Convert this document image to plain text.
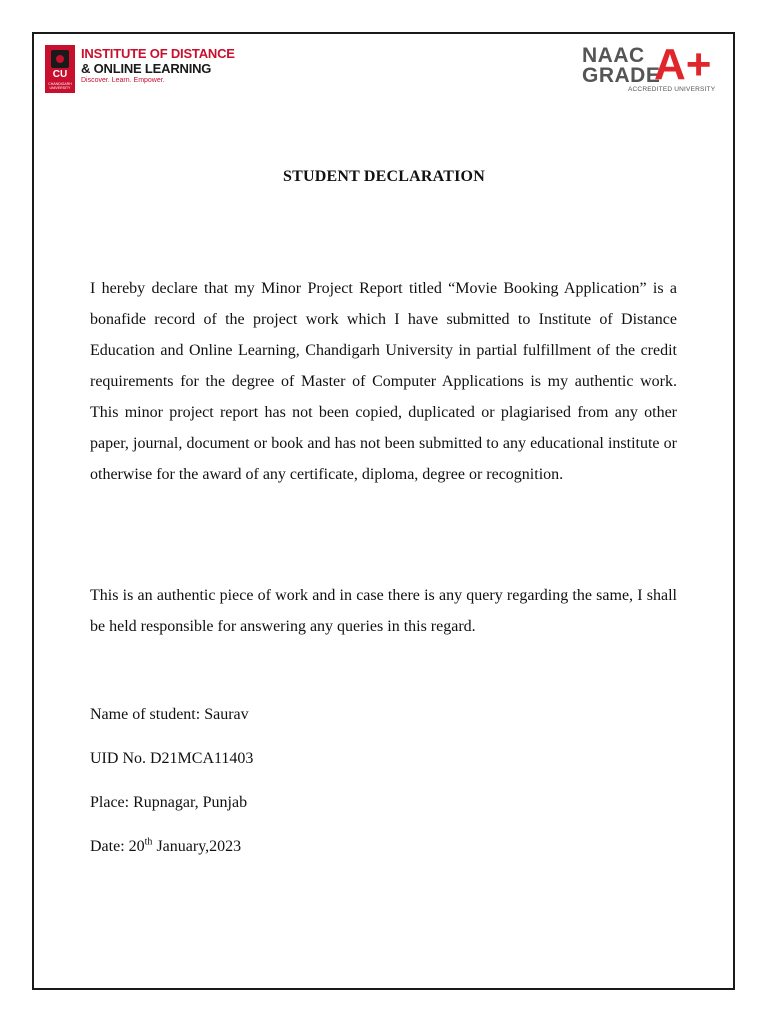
CU
CHANDIGARH UNIVERSITY
INSTITUTE OF DISTANCE
& ONLINE LEARNING
Discover. Learn. Empower.
NAAC
GRADE
A+
ACCREDITED UNIVERSITY
STUDENT DECLARATION

I hereby declare that my Minor Project Report titled “Movie Booking Application” is a bonafide record of the project work which I have submitted to Institute of Distance Education and Online Learning, Chandigarh University in partial fulfillment of the credit requirements for the degree of Master of Computer Applications is my authentic work. This minor project report has not been copied, duplicated or plagiarised from any other paper, journal, document or book and has not been submitted to any educational institute or otherwise for the award of any certificate, diploma, degree or recognition.

This is an authentic piece of work and in case there is any query regarding the same, I shall be held responsible for answering any queries in this regard.

Name of student: Saurav

UID No. D21MCA11403

Place: Rupnagar, Punjab

Date: 20th January,2023
